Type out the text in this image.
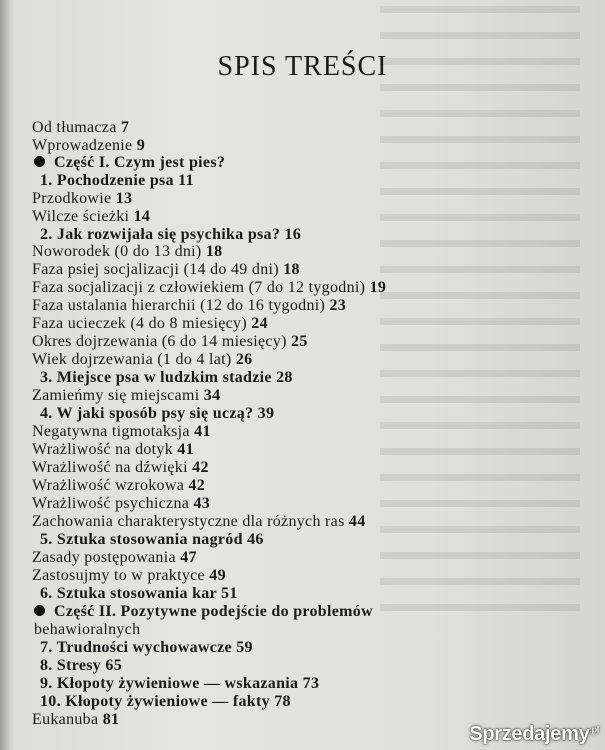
SPIS TREŚCI
Od tłumacza 7
Wprowadzenie 9
Część I. Czym jest pies?
1. Pochodzenie psa 11
Przodkowie 13
Wilcze ścieżki 14
2. Jak rozwijała się psychika psa? 16
Noworodek (0 do 13 dni) 18
Faza psiej socjalizacji (14 do 49 dni) 18
Faza socjalizacji z człowiekiem (7 do 12 tygodni) 19
Faza ustalania hierarchii (12 do 16 tygodni) 23
Faza ucieczek (4 do 8 miesięcy) 24
Okres dojrzewania (6 do 14 miesięcy) 25
Wiek dojrzewania (1 do 4 lat) 26
3. Miejsce psa w ludzkim stadzie 28
Zamieńmy się miejscami 34
4. W jaki sposób psy się uczą? 39
Negatywna tigmotaksja 41
Wrażliwość na dotyk 41
Wrażliwość na dźwięki 42
Wrażliwość wzrokowa 42
Wrażliwość psychiczna 43
Zachowania charakterystyczne dla różnych ras 44
5. Sztuka stosowania nagród 46
Zasady postępowania 47
Zastosujmy to w praktyce 49
6. Sztuka stosowania kar 51
Część II. Pozytywne podejście do problemów
behawioralnych
7. Trudności wychowawcze 59
8. Stresy 65
9. Kłopoty żywieniowe — wskazania 73
10. Kłopoty żywieniowe — fakty 78
Eukanuba 81
Sprzedajemy$^{.pl}$
